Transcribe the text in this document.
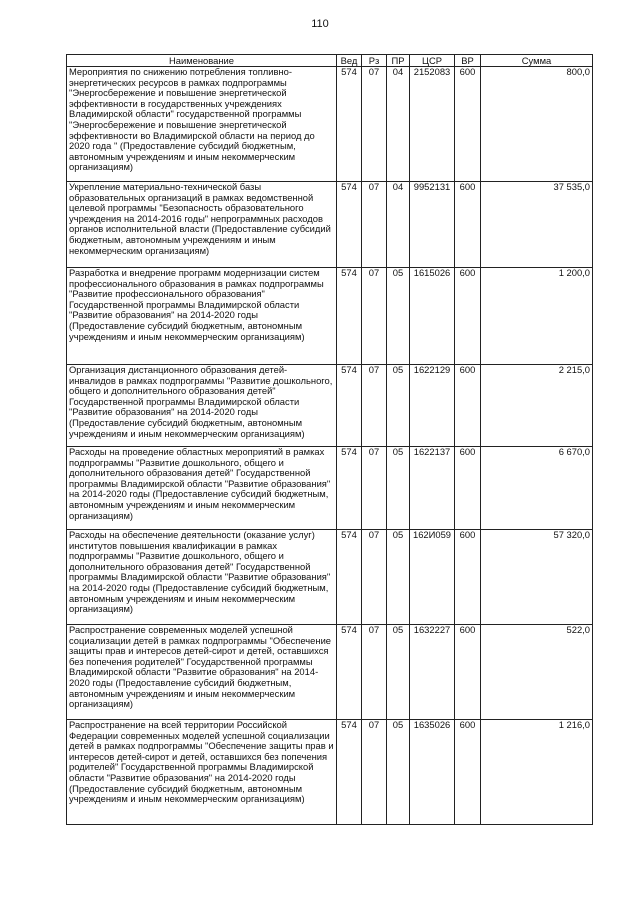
110
Наименование	Вед	Рз	ПР	ЦСР	ВР	Сумма
Мероприятия по снижению потребления топливно-энергетических ресурсов в рамках подпрограммы "Энергосбережение и повышение энергетической эффективности в государственных учреждениях Владимирской области" государственной программы "Энергосбережение и повышение энергетической эффективности во Владимирской области на период до 2020 года " (Предоставление субсидий бюджетным, автономным учреждениям и иным некоммерческим организациям)	574	07	04	2152083	600	800,0
Укрепление материально-технической базы образовательных организаций в рамках ведомственной целевой программы "Безопасность образовательного учреждения на 2014-2016 годы" непрограммных расходов органов исполнительной власти (Предоставление субсидий бюджетным, автономным учреждениям и иным некоммерческим организациям)	574	07	04	9952131	600	37 535,0
Разработка и внедрение программ модернизации систем профессионального образования в рамках подпрограммы "Развитие профессионального образования" Государственной программы Владимирской области "Развитие образования" на 2014-2020 годы (Предоставление субсидий бюджетным, автономным учреждениям и иным некоммерческим организациям)	574	07	05	1615026	600	1 200,0
Организация дистанционного образования детей-инвалидов в рамках подпрограммы "Развитие дошкольного, общего и дополнительного образования детей" Государственной программы Владимирской области "Развитие образования" на 2014-2020 годы (Предоставление субсидий бюджетным, автономным учреждениям и иным некоммерческим организациям)	574	07	05	1622129	600	2 215,0
Расходы на проведение областных мероприятий в рамках подпрограммы "Развитие дошкольного, общего и дополнительного образования детей" Государственной программы Владимирской области "Развитие образования" на 2014-2020 годы (Предоставление субсидий бюджетным, автономным учреждениям и иным некоммерческим организациям)	574	07	05	1622137	600	6 670,0
Расходы на обеспечение деятельности (оказание услуг) институтов повышения квалификации в рамках подпрограммы "Развитие дошкольного, общего и дополнительного образования детей" Государственной программы Владимирской области "Развитие образования" на 2014-2020 годы (Предоставление субсидий бюджетным, автономным учреждениям и иным некоммерческим организациям)	574	07	05	162И059	600	57 320,0
Распространение современных моделей успешной социализации детей в рамках подпрограммы "Обеспечение защиты прав и интересов детей-сирот и детей, оставшихся без попечения родителей" Государственной программы Владимирской области "Развитие образования" на 2014-2020 годы (Предоставление субсидий бюджетным, автономным учреждениям и иным некоммерческим организациям)	574	07	05	1632227	600	522,0
Распространение на всей территории Российской Федерации современных моделей успешной социализации детей в рамках подпрограммы "Обеспечение защиты прав и интересов детей-сирот и детей, оставшихся без попечения родителей" Государственной программы Владимирской области "Развитие образования" на 2014-2020 годы (Предоставление субсидий бюджетным, автономным учреждениям и иным некоммерческим организациям)	574	07	05	1635026	600	1 216,0
